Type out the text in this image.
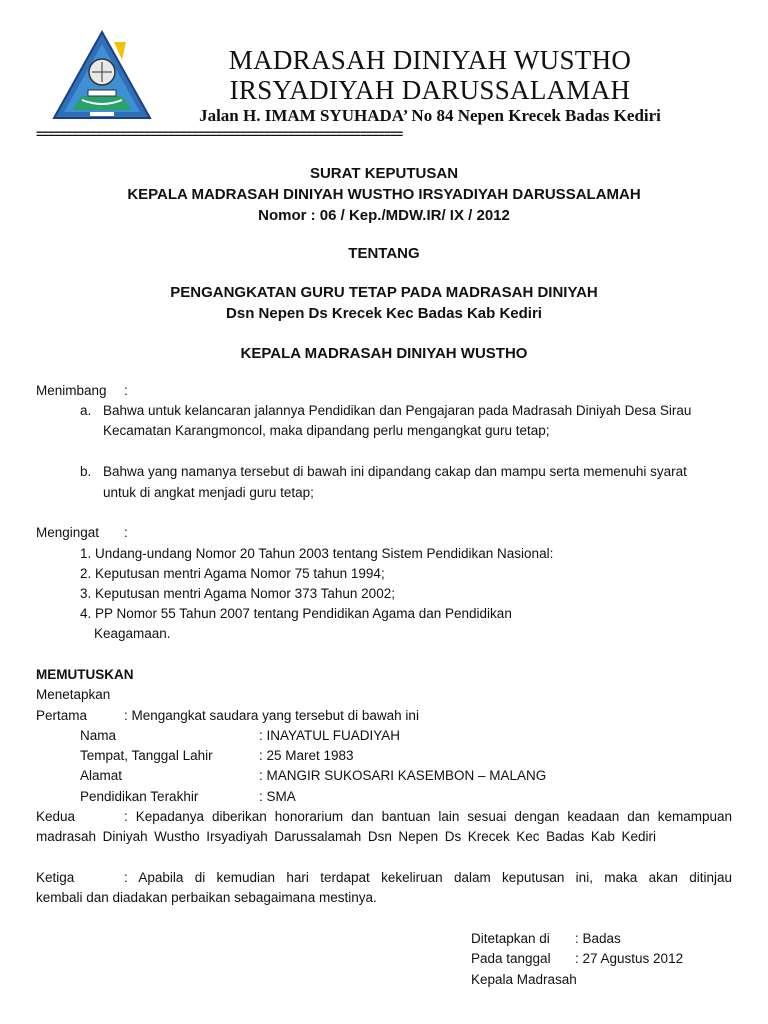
MADRASAH DINIYAH WUSTHO
IRSYADIYAH DARUSSALAMAH
Jalan H. IMAM SYUHADA’ No 84 Nepen Krecek Badas Kediri
=============================================================
SURAT KEPUTUSAN
KEPALA MADRASAH DINIYAH WUSTHO IRSYADIYAH DARUSSALAMAH
Nomor : 06 / Kep./MDW.IR/ IX / 2012
TENTANG
PENGANGKATAN GURU TETAP PADA MADRASAH DINIYAH
Dsn Nepen Ds Krecek Kec Badas Kab Kediri
KEPALA MADRASAH DINIYAH WUSTHO
Menimbang :
a. Bahwa untuk kelancaran jalannya Pendidikan dan Pengajaran pada Madrasah Diniyah Desa Sirau
Kecamatan Karangmoncol, maka dipandang perlu mengangkat guru tetap;
b. Bahwa yang namanya tersebut di bawah ini dipandang cakap dan mampu serta memenuhi syarat
untuk di angkat menjadi guru tetap;
Mengingat :
1. Undang-undang Nomor 20 Tahun 2003 tentang Sistem Pendidikan Nasional:
2. Keputusan mentri Agama Nomor 75 tahun 1994;
3. Keputusan mentri Agama Nomor 373 Tahun 2002;
4. PP Nomor 55 Tahun 2007 tentang Pendidikan Agama dan Pendidikan
Keagamaan.
MEMUTUSKAN
Menetapkan
Pertama	: Mengangkat saudara yang tersebut di bawah ini
Nama	: INAYATUL FUADIYAH
Tempat, Tanggal Lahir	: 25 Maret 1983
Alamat	: MANGIR SUKOSARI KASEMBON – MALANG
Pendidikan Terakhir	: SMA
Kedua	: Kepadanya diberikan honorarium dan bantuan lain sesuai dengan keadaan dan kemampuan
madrasah Diniyah Wustho Irsyadiyah Darussalamah Dsn Nepen Ds Krecek Kec Badas Kab Kediri
Ketiga	: Apabila di kemudian hari terdapat kekeliruan dalam keputusan ini, maka akan ditinjau
kembali dan diadakan perbaikan sebagaimana mestinya.
Ditetapkan di : Badas
Pada tanggal : 27 Agustus 2012
Kepala Madrasah
